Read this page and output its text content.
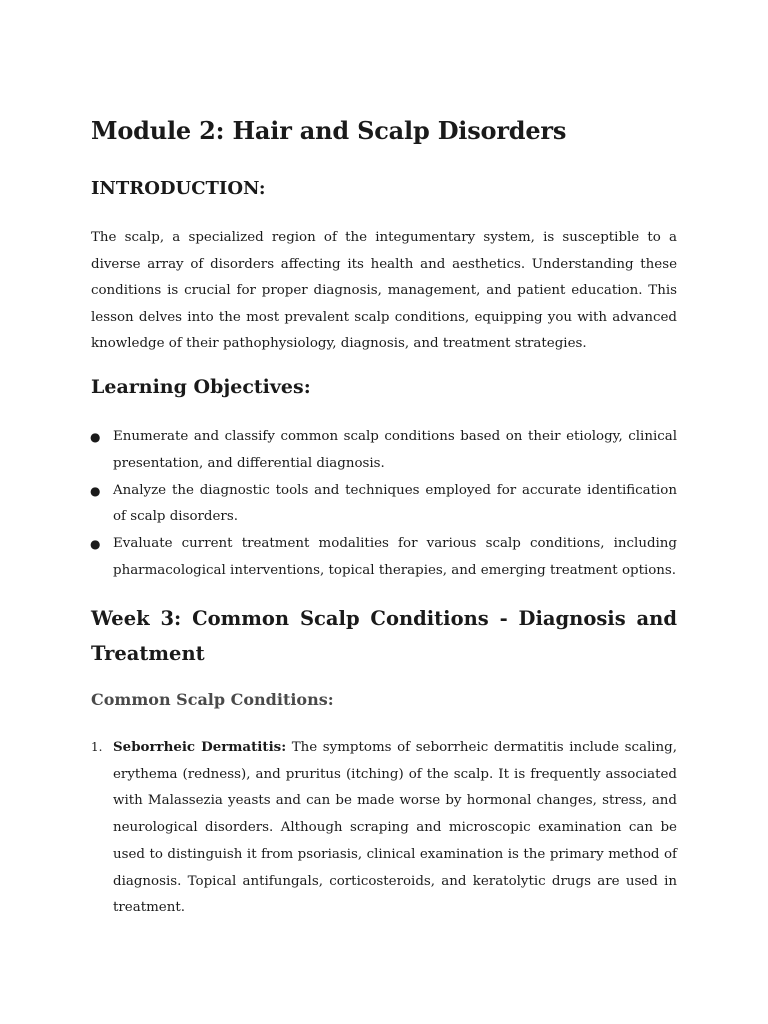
Module 2: Hair and Scalp Disorders
INTRODUCTION:

The scalp, a specialized region of the integumentary system, is susceptible to a diverse array of disorders affecting its health and aesthetics. Understanding these conditions is crucial for proper diagnosis, management, and patient education. This lesson delves into the most prevalent scalp conditions, equipping you with advanced knowledge of their pathophysiology, diagnosis, and treatment strategies.

Learning Objectives:
● Enumerate and classify common scalp conditions based on their etiology, clinical presentation, and differential diagnosis.
● Analyze the diagnostic tools and techniques employed for accurate identification of scalp disorders.
● Evaluate current treatment modalities for various scalp conditions, including pharmacological interventions, topical therapies, and emerging treatment options.
Week 3: Common Scalp Conditions - Diagnosis and Treatment
Common Scalp Conditions:
1. Seborrheic Dermatitis: The symptoms of seborrheic dermatitis include scaling, erythema (redness), and pruritus (itching) of the scalp. It is frequently associated with Malassezia yeasts and can be made worse by hormonal changes, stress, and neurological disorders. Although scraping and microscopic examination can be used to distinguish it from psoriasis, clinical examination is the primary method of diagnosis. Topical antifungals, corticosteroids, and keratolytic drugs are used in treatment.
